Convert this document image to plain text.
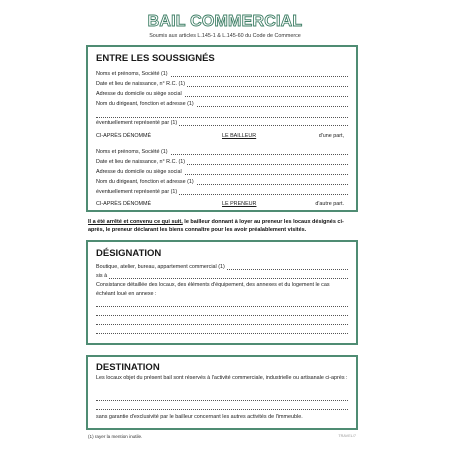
BAIL COMMERCIAL
Soumis aux articles L.145-1 & L.145-60 du Code de Commerce
ENTRE LES SOUSSIGNÉS
Noms et prénoms, Société (1)
Date et lieu de naissance, n° R.C. (1)
Adresse du domicile ou siège social
Nom du dirigeant, fonction et adresse (1)
éventuellement représenté par (1)
CI-APRÈS DÉNOMMÉ	LE BAILLEUR	d'une part,
Noms et prénoms, Société (1)
Date et lieu de naissance, n° R.C. (1)
Adresse du domicile ou siège social
Nom du dirigeant, fonction et adresse (1)
éventuellement représenté par (1)
CI-APRÈS DÉNOMMÉ	LE PRENEUR	d'autre part.
Il a été arrêté et convenu ce qui suit, le bailleur donnant à loyer au preneur les locaux désignés ci-après, le preneur déclarant les biens connaître pour les avoir préalablement visités.
DÉSIGNATION
Boutique, atelier, bureau, appartement commercial (1)
sis à
Consistance détaillée des locaux, des éléments d'équipement, des annexes et du logement le cas échéant loué en annexe :
DESTINATION
Les locaux objet du présent bail sont réservés à l'activité commerciale, industrielle ou artisanale ci-après :
sans garantie d'exclusivité par le bailleur concernant les autres activités de l'immeuble.
(1) rayer la mention inutile.	TRAVEL/7
